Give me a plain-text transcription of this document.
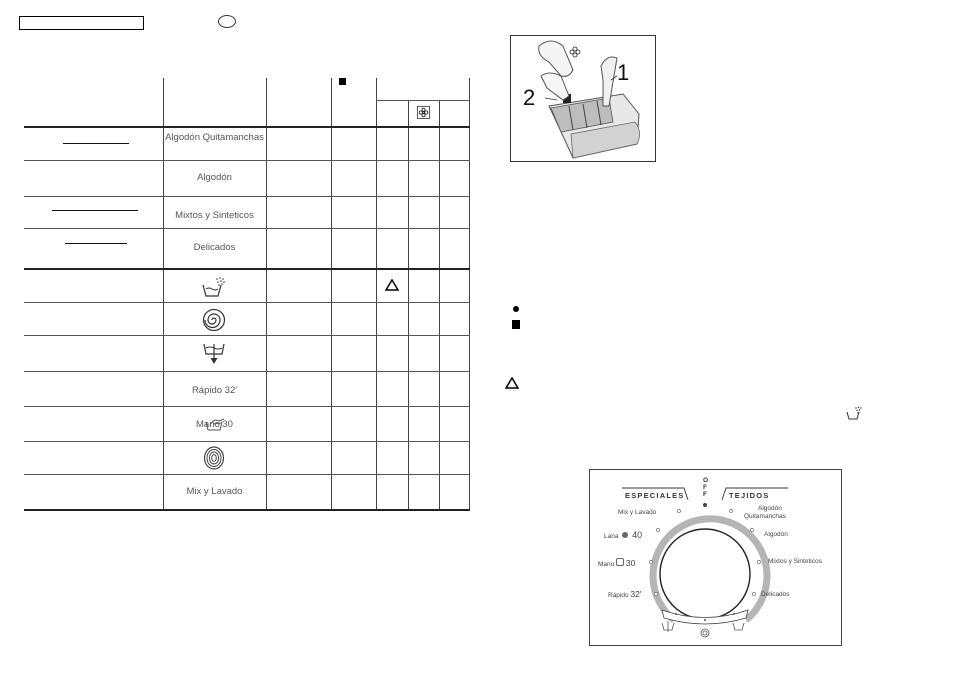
Algodón Quitamanchas
Algodón
Mixtos y Sinteticos
Delicados
Rápido 32'
Mano 30
Mix y Lavado
1
2
ESPECIALES	TEJIDOS
O
F
F
Mix y Lavado
Lana 40
Mano 30
Rápido 32'
Algodón
Quitamanchas
Algodón
Mixtos y Sinteticos
Delicados
